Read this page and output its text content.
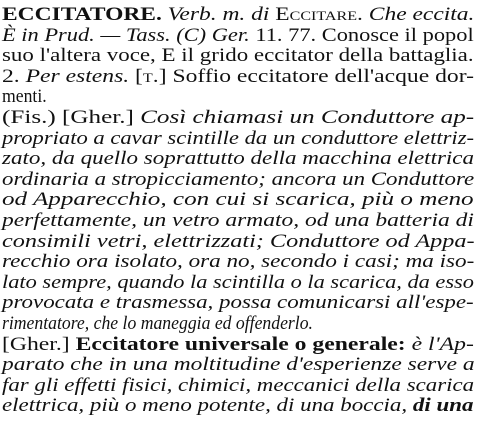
ECCITATORE. Verb. m. di Eccitare. Che eccita.
È in Prud. — Tass. (C) Ger. 11. 77. Conosce il popol
suo l'altera voce, E il grido eccitator della battaglia.
2. Per estens. [t.] Soffio eccitatore dell'acque dor-
menti.
(Fis.) [Gher.] Così chiamasi un Conduttore ap-
propriato a cavar scintille da un conduttore elettriz-
zato, da quello soprattutto della macchina elettrica
ordinaria a stropicciamento; ancora un Conduttore
od Apparecchio, con cui si scarica, più o meno
perfettamente, un vetro armato, od una batteria di
consimili vetri, elettrizzati; Conduttore od Appa-
recchio ora isolato, ora no, secondo i casi; ma iso-
lato sempre, quando la scintilla o la scarica, da esso
provocata e trasmessa, possa comunicarsi all'espe-
rimentatore, che lo maneggia ed offenderlo.
[Gher.] Eccitatore universale o generale: è l'Ap-
parato che in una moltitudine d'esperienze serve a
far gli effetti fisici, chimici, meccanici della scarica
elettrica, più o meno potente, di una boccia, di una
